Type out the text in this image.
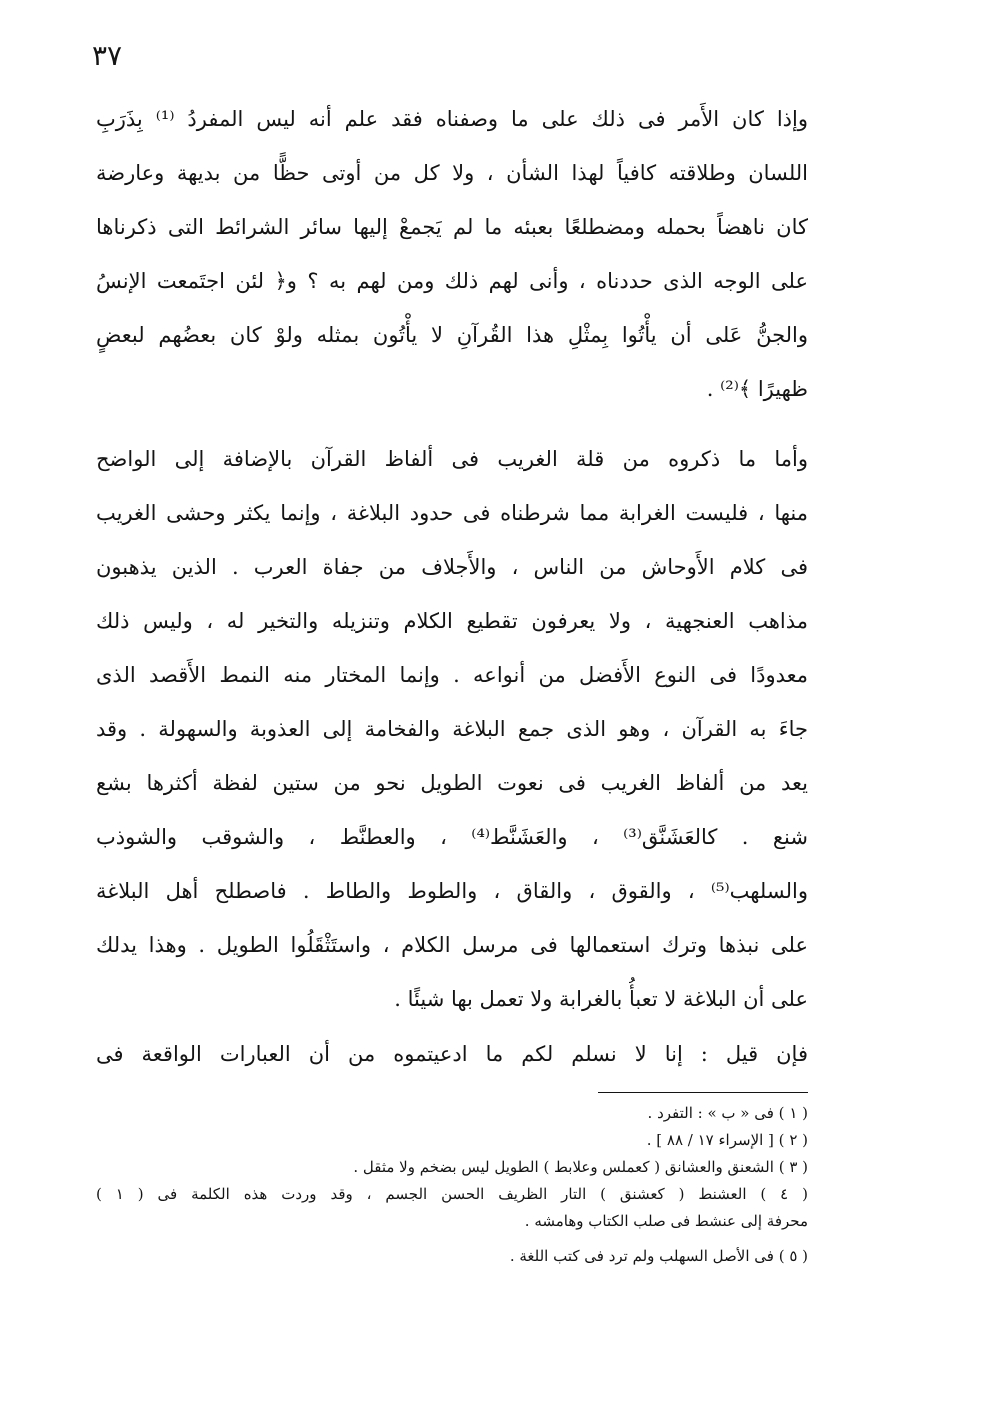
٣٧
وإذا كان الأَمر فى ذلك على ما وصفناه فقد علم أنه ليس المفردُ ⁽¹⁾ بِذَرَبِ
اللسان وطلاقته كافياً لهذا الشأن ، ولا كل من أوتى حظًّا من بديهة وعارضة
كان ناهضاً بحمله ومضطلعًا بعبئه ما لم يَجمعْ إليها سائر الشرائط التى ذكرناها
على الوجه الذى حددناه ، وأنى لهم ذلك ومن لهم به ؟ و﴿ لئن اجتَمعت الإنسُ
والجنُّ عَلى أن يأْتُوا بِمثْلِ هذا القُرآنِ لا يأْتُون بمثله ولوْ كان بعضُهم لبعضٍ
ظهيرًا ﴾⁽²⁾ .
وأما ما ذكروه من قلة الغريب فى ألفاظ القرآن بالإضافة إلى الواضح
منها ، فليست الغرابة مما شرطناه فى حدود البلاغة ، وإنما يكثر وحشى الغريب
فى كلام الأَوحاش من الناس ، والأَجلاف من جفاة العرب . الذين يذهبون
مذاهب العنجهية ، ولا يعرفون تقطيع الكلام وتنزيله والتخير له ، وليس ذلك
معدودًا فى النوع الأَفضل من أنواعه . وإنما المختار منه النمط الأَقصد الذى
جاءَ به القرآن ، وهو الذى جمع البلاغة والفخامة إلى العذوبة والسهولة . وقد
يعد من ألفاظ الغريب فى نعوت الطويل نحو من ستين لفظة أكثرها بشع
شنع . كالعَشَنَّق⁽³⁾ ، والعَشَنَّط⁽⁴⁾ ، والعطنَّط ، والشوقب والشوذب
والسلهب⁽⁵⁾ ، والقوق ، والقاق ، والطوط والطاط . فاصطلح أهل البلاغة
على نبذها وترك استعمالها فى مرسل الكلام ، واستَثْقَلُوا الطويل . وهذا يدلك
على أن البلاغة لا تعبأُ بالغرابة ولا تعمل بها شيئًا .
فإن قيل : إنا لا نسلم لكم ما ادعيتموه من أن العبارات الواقعة فى
( ١ ) فى « ب » : التفرد .
( ٢ ) [ الإسراء ١٧ / ٨٨ ] .
( ٣ ) الشعنق والعشانق ( كعملس وعلابط ) الطويل ليس بضخم ولا مثقل .
( ٤ ) العشنط ( كعشنق ) التار الظريف الحسن الجسم ، وقد وردت هذه الكلمة فى ( ١ )
محرفة إلى عنشط فى صلب الكتاب وهامشه .
( ٥ ) فى الأصل السهلب ولم ترد فى كتب اللغة .
